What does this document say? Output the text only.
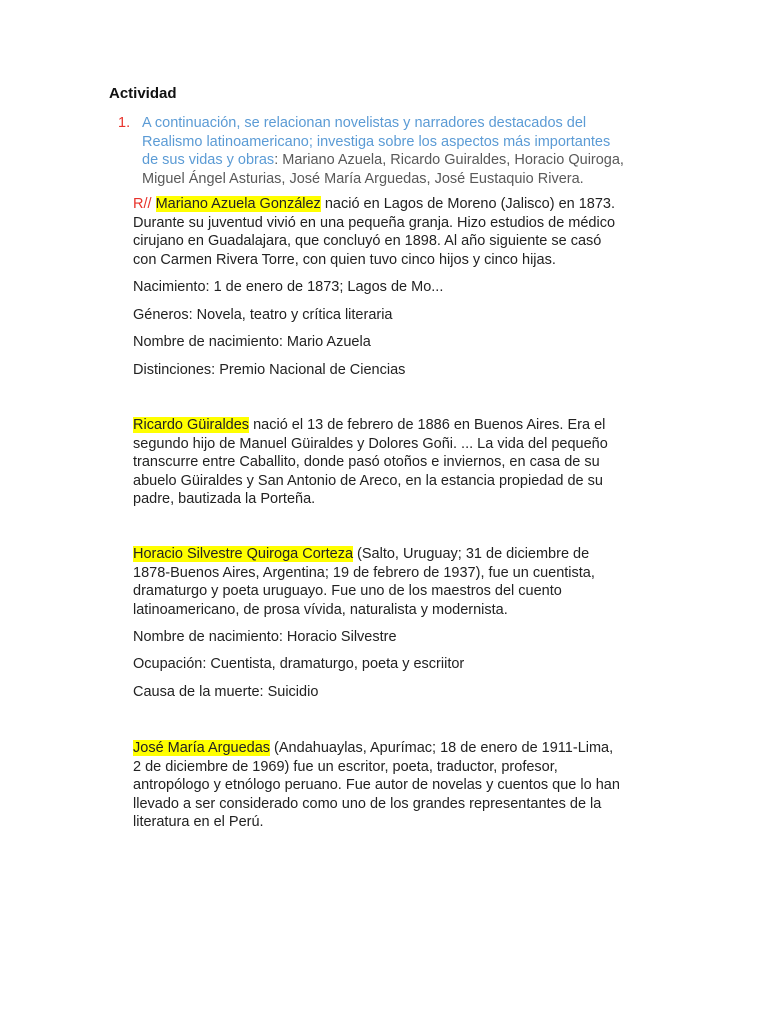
Actividad
1. A continuación, se relacionan novelistas y narradores destacados del
Realismo latinoamericano; investiga sobre los aspectos más importantes
de sus vidas y obras: Mariano Azuela, Ricardo Guiraldes, Horacio Quiroga,
Miguel Ángel Asturias, José María Arguedas, José Eustaquio Rivera.
R// Mariano Azuela González nació en Lagos de Moreno (Jalisco) en 1873.
Durante su juventud vivió en una pequeña granja. Hizo estudios de médico
cirujano en Guadalajara, que concluyó en 1898. Al año siguiente se casó
con Carmen Rivera Torre, con quien tuvo cinco hijos y cinco hijas.
Nacimiento: 1 de enero de 1873; Lagos de Mo...
Géneros: Novela, teatro y crítica literaria
Nombre de nacimiento: Mario Azuela
Distinciones: Premio Nacional de Ciencias
Ricardo Güiraldes nació el 13 de febrero de 1886 en Buenos Aires. Era el
segundo hijo de Manuel Güiraldes y Dolores Goñi. ... La vida del pequeño
transcurre entre Caballito, donde pasó otoños e inviernos, en casa de su
abuelo Güiraldes y San Antonio de Areco, en la estancia propiedad de su
padre, bautizada la Porteña.
Horacio Silvestre Quiroga Corteza (Salto, Uruguay; 31 de diciembre de
1878-Buenos Aires, Argentina; 19 de febrero de 1937), fue un cuentista,
dramaturgo y poeta uruguayo. Fue uno de los maestros del cuento
latinoamericano, de prosa vívida, naturalista y modernista.
Nombre de nacimiento: Horacio Silvestre
Ocupación: Cuentista, dramaturgo, poeta y escriitor
Causa de la muerte: Suicidio
José María Arguedas (Andahuaylas, Apurímac; 18 de enero de 1911-Lima,
2 de diciembre de 1969) fue un escritor, poeta, traductor, profesor,
antropólogo y etnólogo peruano. Fue autor de novelas y cuentos que lo han
llevado a ser considerado como uno de los grandes representantes de la
literatura en el Perú.
